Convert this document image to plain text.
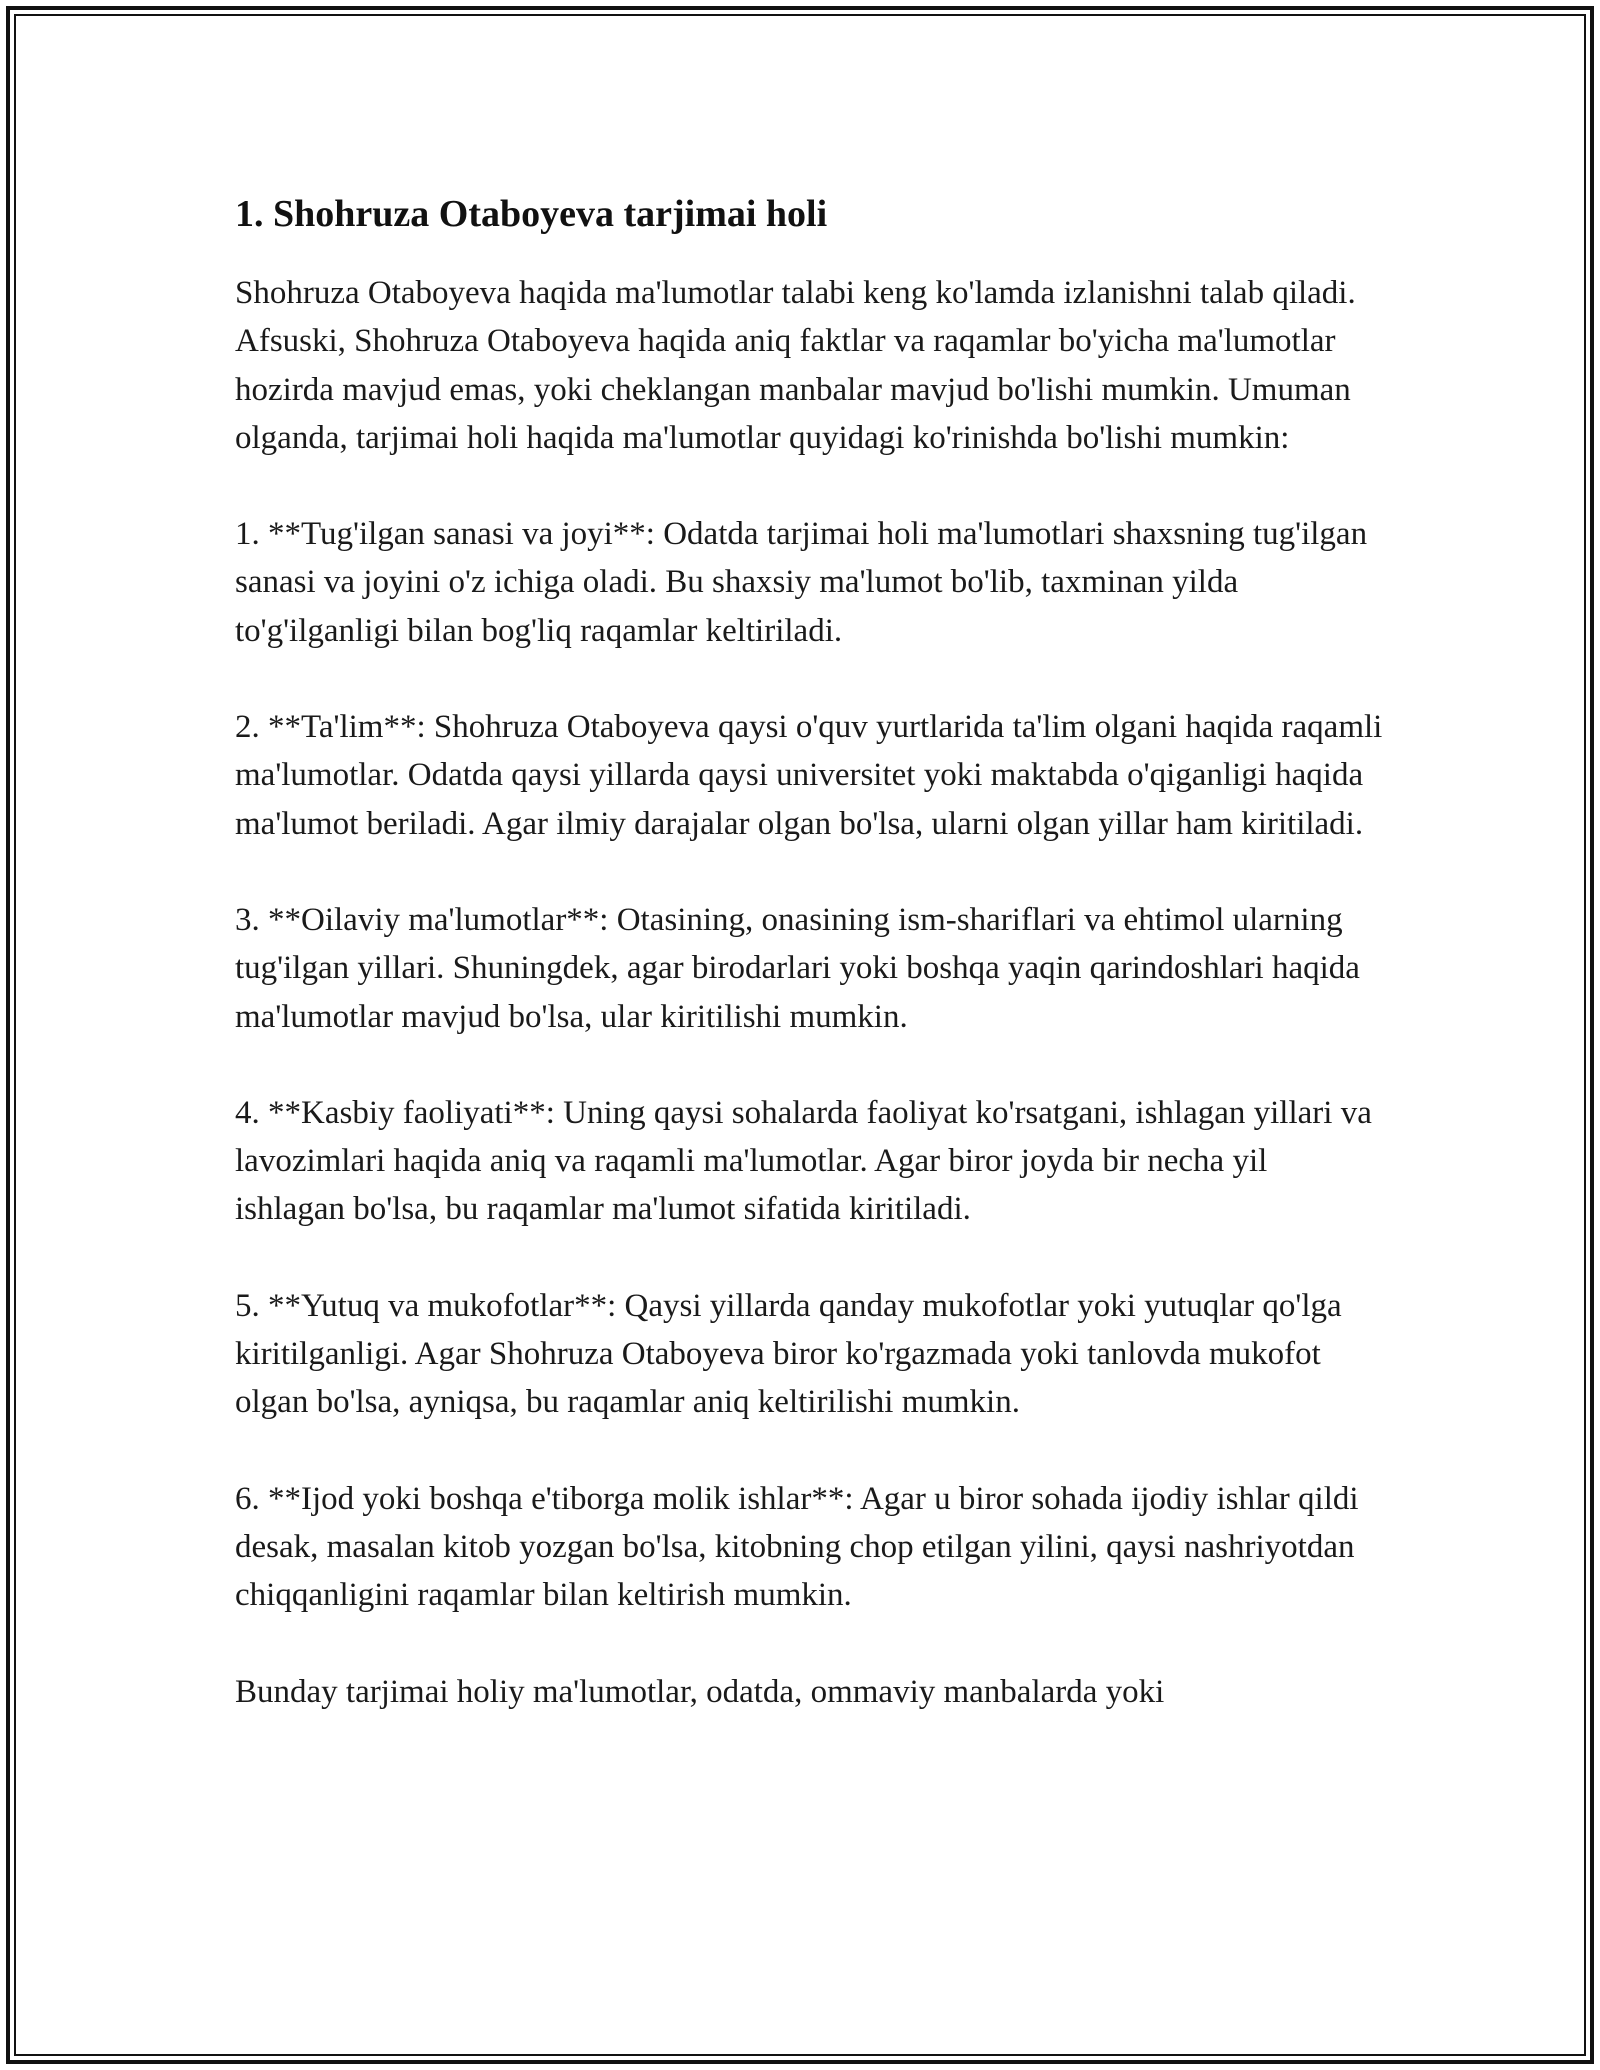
1. Shohruza Otaboyeva tarjimai holi

Shohruza Otaboyeva haqida ma'lumotlar talabi keng ko'lamda izlanishni talab qiladi. Afsuski, Shohruza Otaboyeva haqida aniq faktlar va raqamlar bo'yicha ma'lumotlar hozirda mavjud emas, yoki cheklangan manbalar mavjud bo'lishi mumkin. Umuman olganda, tarjimai holi haqida ma'lumotlar quyidagi ko'rinishda bo'lishi mumkin:

1. **Tug'ilgan sanasi va joyi**: Odatda tarjimai holi ma'lumotlari shaxsning tug'ilgan sanasi va joyini o'z ichiga oladi. Bu shaxsiy ma'lumot bo'lib, taxminan yilda to'g'ilganligi bilan bog'liq raqamlar keltiriladi.

2. **Ta'lim**: Shohruza Otaboyeva qaysi o'quv yurtlarida ta'lim olgani haqida raqamli ma'lumotlar. Odatda qaysi yillarda qaysi universitet yoki maktabda o'qiganligi haqida ma'lumot beriladi. Agar ilmiy darajalar olgan bo'lsa, ularni olgan yillar ham kiritiladi.

3. **Oilaviy ma'lumotlar**: Otasining, onasining ism-shariflari va ehtimol ularning tug'ilgan yillari. Shuningdek, agar birodarlari yoki boshqa yaqin qarindoshlari haqida ma'lumotlar mavjud bo'lsa, ular kiritilishi mumkin.

4. **Kasbiy faoliyati**: Uning qaysi sohalarda faoliyat ko'rsatgani, ishlagan yillari va lavozimlari haqida aniq va raqamli ma'lumotlar. Agar biror joyda bir necha yil ishlagan bo'lsa, bu raqamlar ma'lumot sifatida kiritiladi.

5. **Yutuq va mukofotlar**: Qaysi yillarda qanday mukofotlar yoki yutuqlar qo'lga kiritilganligi. Agar Shohruza Otaboyeva biror ko'rgazmada yoki tanlovda mukofot olgan bo'lsa, ayniqsa, bu raqamlar aniq keltirilishi mumkin.

6. **Ijod yoki boshqa e'tiborga molik ishlar**: Agar u biror sohada ijodiy ishlar qildi desak, masalan kitob yozgan bo'lsa, kitobning chop etilgan yilini, qaysi nashriyotdan chiqqanligini raqamlar bilan keltirish mumkin.

Bunday tarjimai holiy ma'lumotlar, odatda, ommaviy manbalarda yoki
